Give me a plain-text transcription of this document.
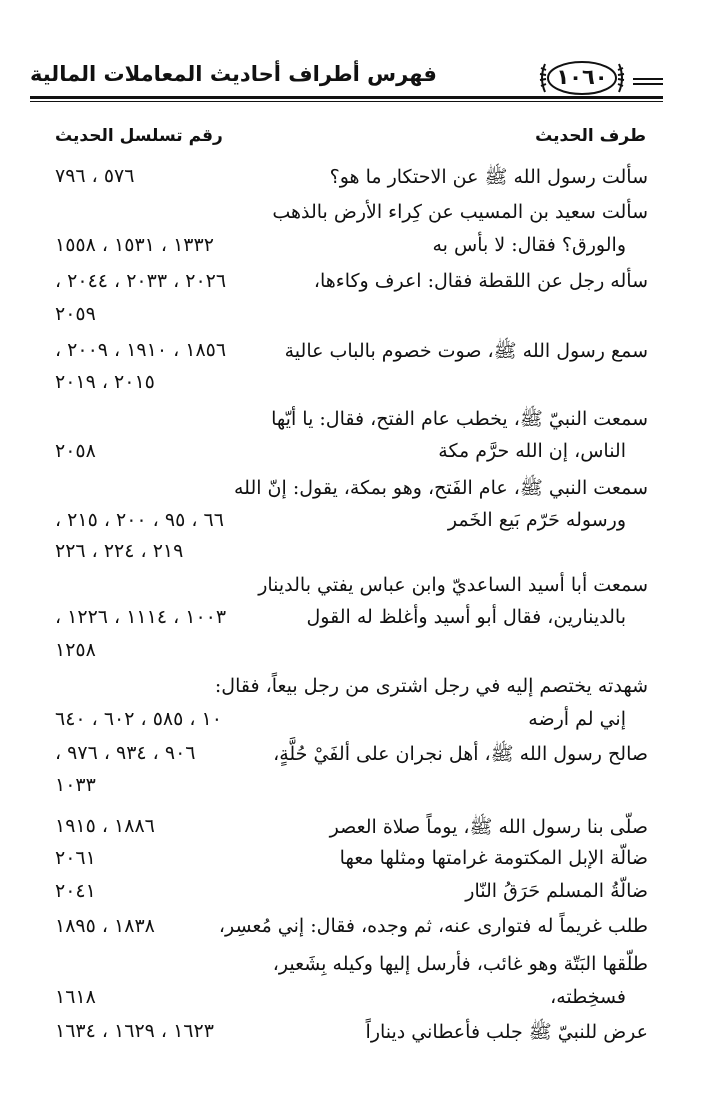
١٠٦٠
فهرس أطراف أحاديث المعاملات المالية
طرف الحديث
رقم تسلسل الحديث
سألت رسول الله ﷺ عن الاحتكار ما هو؟
٥٧٦ ، ٧٩٦
سألت سعيد بن المسيب عن كِراء الأرض بالذهب
والورق؟ فقال: لا بأس به
١٣٣٢ ، ١٥٣١ ، ١٥٥٨
سأله رجل عن اللقطة فقال: اعرف وكاءها،
٢٠٢٦ ، ٢٠٣٣ ، ٢٠٤٤ ،
٢٠٥٩
سمع رسول الله ﷺ، صوت خصوم بالباب عالية
١٨٥٦ ، ١٩١٠ ، ٢٠٠٩ ،
٢٠١٥ ، ٢٠١٩
سمعت النبيّ ﷺ، يخطب عام الفتح، فقال: يا أيّها
الناس، إن الله حرَّم مكة
٢٠٥٨
سمعت النبي ﷺ، عام الفَتح، وهو بمكة، يقول: إنّ الله
ورسوله حَرّم بَيع الخَمر
٦٦ ، ٩٥ ، ٢٠٠ ، ٢١٥ ،
٢١٩ ، ٢٢٤ ، ٢٢٦
سمعت أبا أسيد الساعديّ وابن عباس يفتي بالدينار
بالدينارين، فقال أبو أسيد وأغلظ له القول
١٠٠٣ ، ١١١٤ ، ١٢٢٦ ،
١٢٥٨
شهدته يختصم إليه في رجل اشترى من رجل بيعاً، فقال:
إني لم أرضه
١٠ ، ٥٨٥ ، ٦٠٢ ، ٦٤٠
صالح رسول الله ﷺ، أهل نجران على ألفَيْ حُلَّةٍ،
٩٠٦ ، ٩٣٤ ، ٩٧٦ ،
١٠٣٣
صلّى بنا رسول الله ﷺ، يوماً صلاة العصر
١٨٨٦ ، ١٩١٥
ضالّة الإبل المكتومة غرامتها ومثلها معها
٢٠٦١
ضالّةُ المسلم حَرَقُ النّار
٢٠٤١
طلب غريماً له فتوارى عنه، ثم وجده، فقال: إني مُعسِر،
١٨٣٨ ، ١٨٩٥
طلّقها البَتّة وهو غائب، فأرسل إليها وكيله بِشَعير،
فسخِطته،
١٦١٨
عرض للنبيّ ﷺ جلب فأعطاني ديناراً
١٦٢٣ ، ١٦٢٩ ، ١٦٣٤
